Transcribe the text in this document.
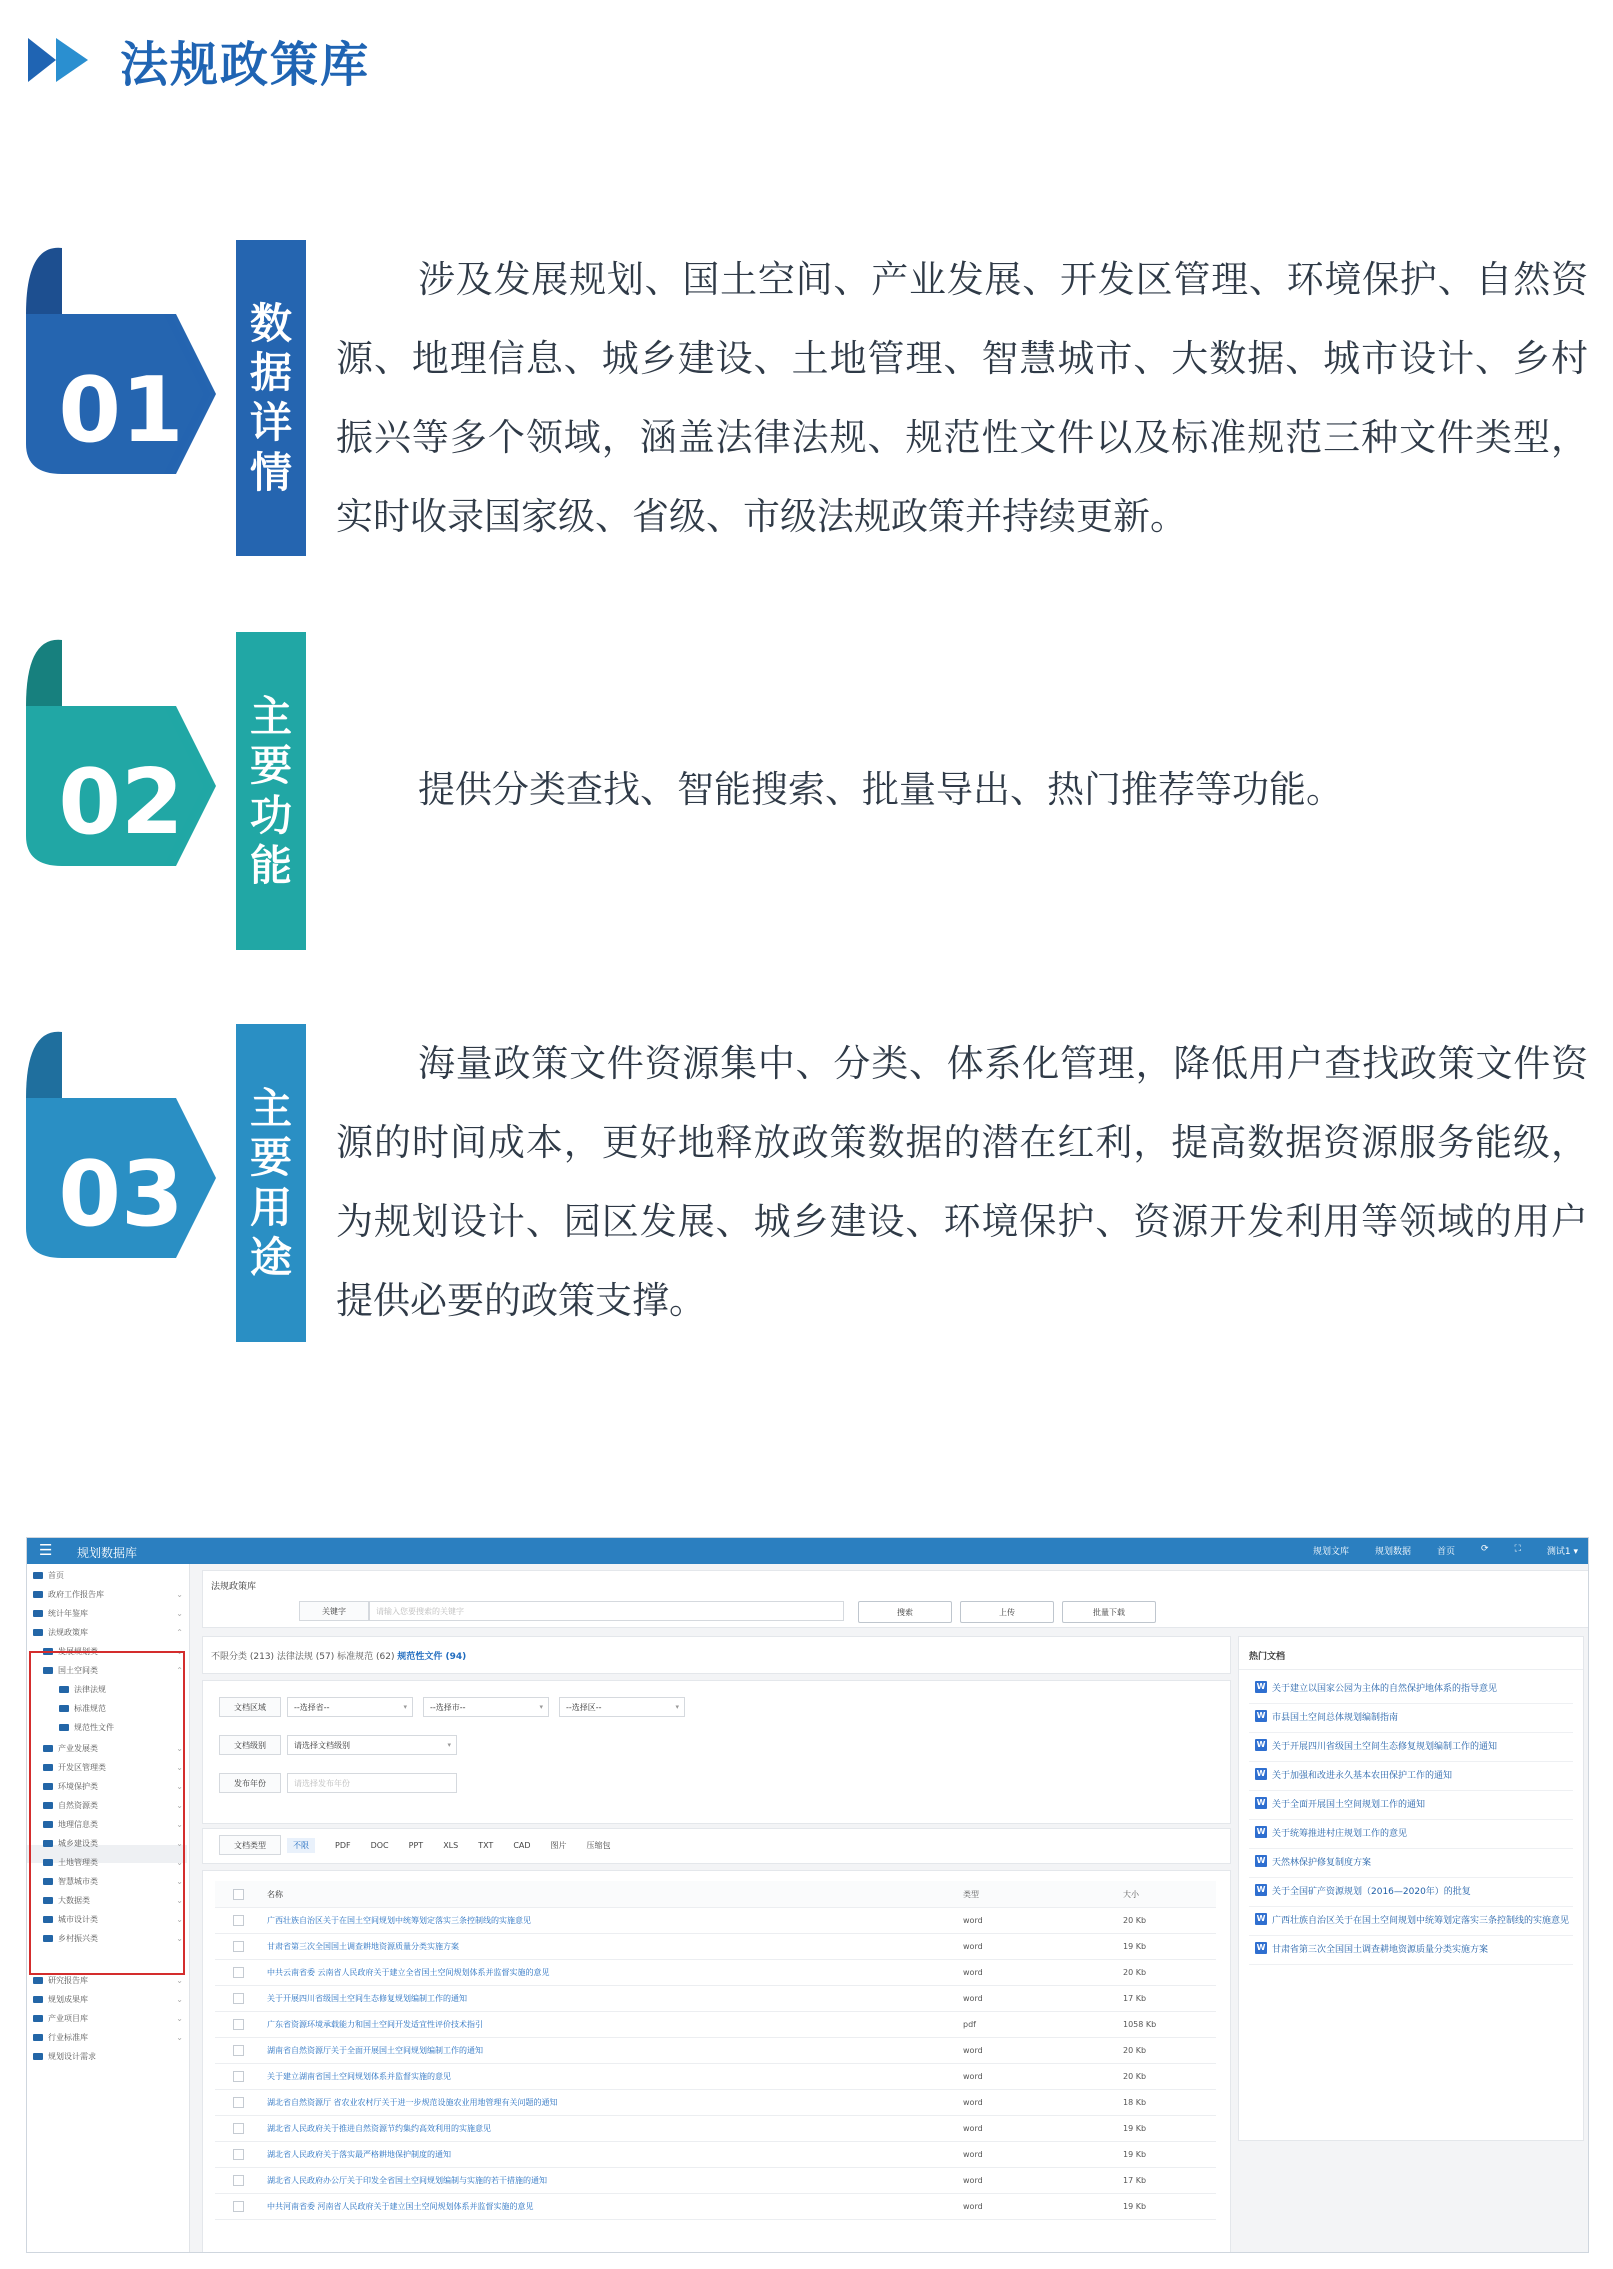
法规政策库
01
数
据
详
情
涉及发展规划、国土空间、产业发展、开发区管理、环境保护、自然资源、地理信息、城乡建设、土地管理、智慧城市、大数据、城市设计、乡村振兴等多个领域，涵盖法律法规、规范性文件以及标准规范三种文件类型，实时收录国家级、省级、市级法规政策并持续更新。
02
主
要
功
能
提供分类查找、智能搜索、批量导出、热门推荐等功能。
03
主
要
用
途
海量政策文件资源集中、分类、体系化管理，降低用户查找政策文件资源的时间成本，更好地释放政策数据的潜在红利，提高数据资源服务能级，为规划设计、园区发展、城乡建设、环境保护、资源开发利用等领域的用户提供必要的政策支撑。
☰ 规划数据库	规划文库	规划数据	首页	⟳	⛶	测试1 ▾
首页
政府工作报告库	⌄
统计年鉴库	⌄
法规政策库	⌃
发展规划类	⌄
国土空间类	⌃
法律法规
标准规范
规范性文件
产业发展类	⌄
开发区管理类	⌄
环境保护类	⌄
自然资源类	⌄
地理信息类	⌄
城乡建设类	⌄
土地管理类	⌄
智慧城市类	⌄
大数据类	⌄
城市设计类	⌄
乡村振兴类	⌄
研究报告库	⌄
规划成果库	⌄
产业项目库	⌄
行业标准库	⌄
规划设计需求
法规政策库
关键字	请输入您要搜索的关键字	搜索	上传	批量下载
不限分类 (213) 法律法规 (57) 标准规范 (62) 规范性文件 (94)
文档区域	--选择省--	▾	--选择市--	▾	--选择区--	▾
文档级别	请选择文档级别	▾
发布年份	请选择发布年份
文档类型	不限	PDF	DOC	PPT	XLS	TXT	CAD	图片	压缩包
名称	类型	大小
广西壮族自治区关于在国土空间规划中统筹划定落实三条控制线的实施意见	word	20 Kb
甘肃省第三次全国国土调查耕地资源质量分类实施方案	word	19 Kb
中共云南省委 云南省人民政府关于建立全省国土空间规划体系并监督实施的意见	word	20 Kb
关于开展四川省级国土空间生态修复规划编制工作的通知	word	17 Kb
广东省资源环境承载能力和国土空间开发适宜性评价技术指引	pdf	1058 Kb
湖南省自然资源厅关于全面开展国土空间规划编制工作的通知	word	20 Kb
关于建立湖南省国土空间规划体系并监督实施的意见	word	20 Kb
湖北省自然资源厅 省农业农村厅关于进一步规范设施农业用地管理有关问题的通知	word	18 Kb
湖北省人民政府关于推进自然资源节约集约高效利用的实施意见	word	19 Kb
湖北省人民政府关于落实最严格耕地保护制度的通知	word	19 Kb
湖北省人民政府办公厅关于印发全省国土空间规划编制与实施的若干措施的通知	word	17 Kb
中共河南省委 河南省人民政府关于建立国土空间规划体系并监督实施的意见	word	19 Kb
热门文档
W 关于建立以国家公园为主体的自然保护地体系的指导意见
W 市县国土空间总体规划编制指南
W 关于开展四川省级国土空间生态修复规划编制工作的通知
W 关于加强和改进永久基本农田保护工作的通知
W 关于全面开展国土空间规划工作的通知
W 关于统筹推进村庄规划工作的意见
W 天然林保护修复制度方案
W 关于全国矿产资源规划（2016—2020年）的批复
W 广西壮族自治区关于在国土空间规划中统筹划定落实三条控制线的实施意见
W 甘肃省第三次全国国土调查耕地资源质量分类实施方案
